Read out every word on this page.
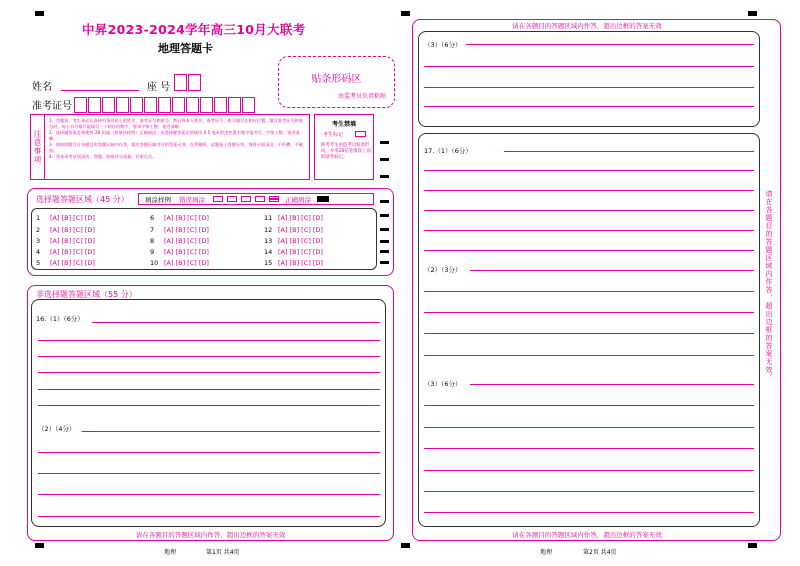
中昇2023-2024学年高三10月大联考
地理答题卡
姓名	座 号
准考证号
贴条形码区
由监考员负责粘贴
注意事项
1．答题前，考生务必认真核对条形码上的姓名、准考证号和座号，然后将本人姓名、准考证号、座号填写在相应位置，填写准考证号和座号时，每个书写框只能填写一个阿拉伯数字，要求字体工整、笔迹清晰。
2．选择题答案必须使用 2B 铅笔（按填涂样例）正确填涂；非选择题答案必须使用 0.5 毫米的黑色墨水签字笔书写，字体工整、笔迹清晰。
3．请按照题号在各题目的答题区域内作答，超出答题区域书写的答案无效；在草稿纸、试题卷上答题无效，保持卡面清洁，不折叠、不破损。
4．答本场考试须清洁、答题，影响评分质量，后果自负。
考生禁填
考生标记
缺考考生由监考员贴条形码，并用2B铅笔填涂上面的缺考标记。
选择题答题区域（45 分）	填涂样例 错误填涂	正确填涂
1 [A] [B] [C] [D]
2 [A] [B] [C] [D]
3 [A] [B] [C] [D]
4 [A] [B] [C] [D]
5 [A] [B] [C] [D]
6 [A] [B] [C] [D]
7 [A] [B] [C] [D]
8 [A] [B] [C] [D]
9 [A] [B] [C] [D]
10 [A] [B] [C] [D]
11 [A] [B] [C] [D]
12 [A] [B] [C] [D]
13 [A] [B] [C] [D]
14 [A] [B] [C] [D]
15 [A] [B] [C] [D]
非选择题答题区域（55 分）
16.（1）（6分）
（2）（4分）
请在各题目的答题区域内作答，超出边框的答案无效
请在各题目的答题区域内作答，超出边框的答案无效
（3）（6分）
17.（1）（6分）
（2）（3分）
（3）（6分）
请在各题目的答题区域内作答，超出边框的答案无效
请在各题目的答题区域内作答，超出边框的答案无效。
地理	第1页 共4页	地理	第2页 共4页
